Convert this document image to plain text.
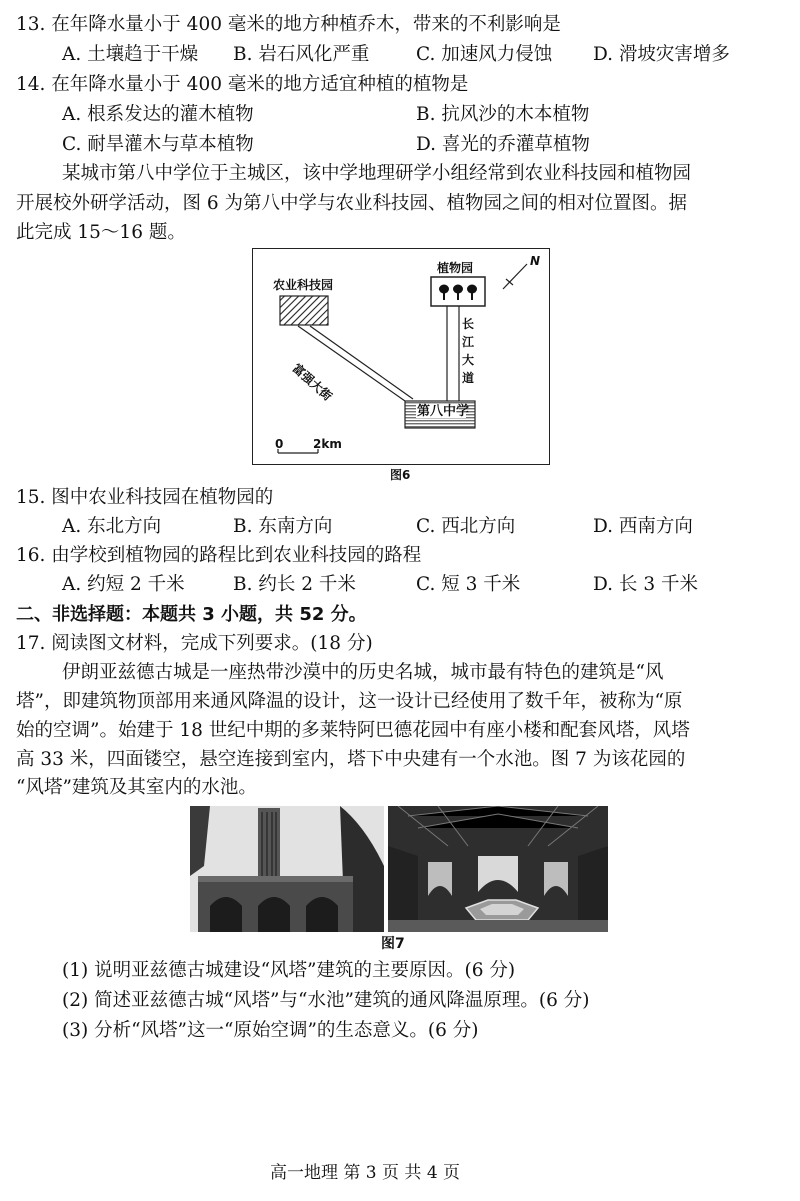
13. 在年降水量小于 400 毫米的地方种植乔木，带来的不利影响是
A. 土壤趋于干燥 B. 岩石风化严重	C. 加速风力侵蚀 D. 滑坡灾害增多
14. 在年降水量小于 400 毫米的地方适宜种植的植物是
A. 根系发达的灌木植物	B. 抗风沙的木本植物
C. 耐旱灌木与草本植物	D. 喜光的乔灌草植物
某城市第八中学位于主城区，该中学地理研学小组经常到农业科技园和植物园
开展校外研学活动，图 6 为第八中学与农业科技园、植物园之间的相对位置图。据
此完成 15～16 题。
农业科技园
植物园	N
长
江
大
道
富强大街
第八中学
0 2km
图6
15. 图中农业科技园在植物园的
A. 东北方向	B. 东南方向	C. 西北方向	D. 西南方向
16. 由学校到植物园的路程比到农业科技园的路程
A. 约短 2 千米	B. 约长 2 千米	C. 短 3 千米	D. 长 3 千米
二、非选择题：本题共 3 小题，共 52 分。
17. 阅读图文材料，完成下列要求。(18 分)
伊朗亚兹德古城是一座热带沙漠中的历史名城，城市最有特色的建筑是“风
塔”，即建筑物顶部用来通风降温的设计，这一设计已经使用了数千年，被称为“原
始的空调”。始建于 18 世纪中期的多莱特阿巴德花园中有座小楼和配套风塔，风塔
高 33 米，四面镂空，悬空连接到室内，塔下中央建有一个水池。图 7 为该花园的
“风塔”建筑及其室内的水池。
图7
(1) 说明亚兹德古城建设“风塔”建筑的主要原因。(6 分)
(2) 简述亚兹德古城“风塔”与“水池”建筑的通风降温原理。(6 分)
(3) 分析“风塔”这一“原始空调”的生态意义。(6 分)
高一地理 第 3 页 共 4 页
